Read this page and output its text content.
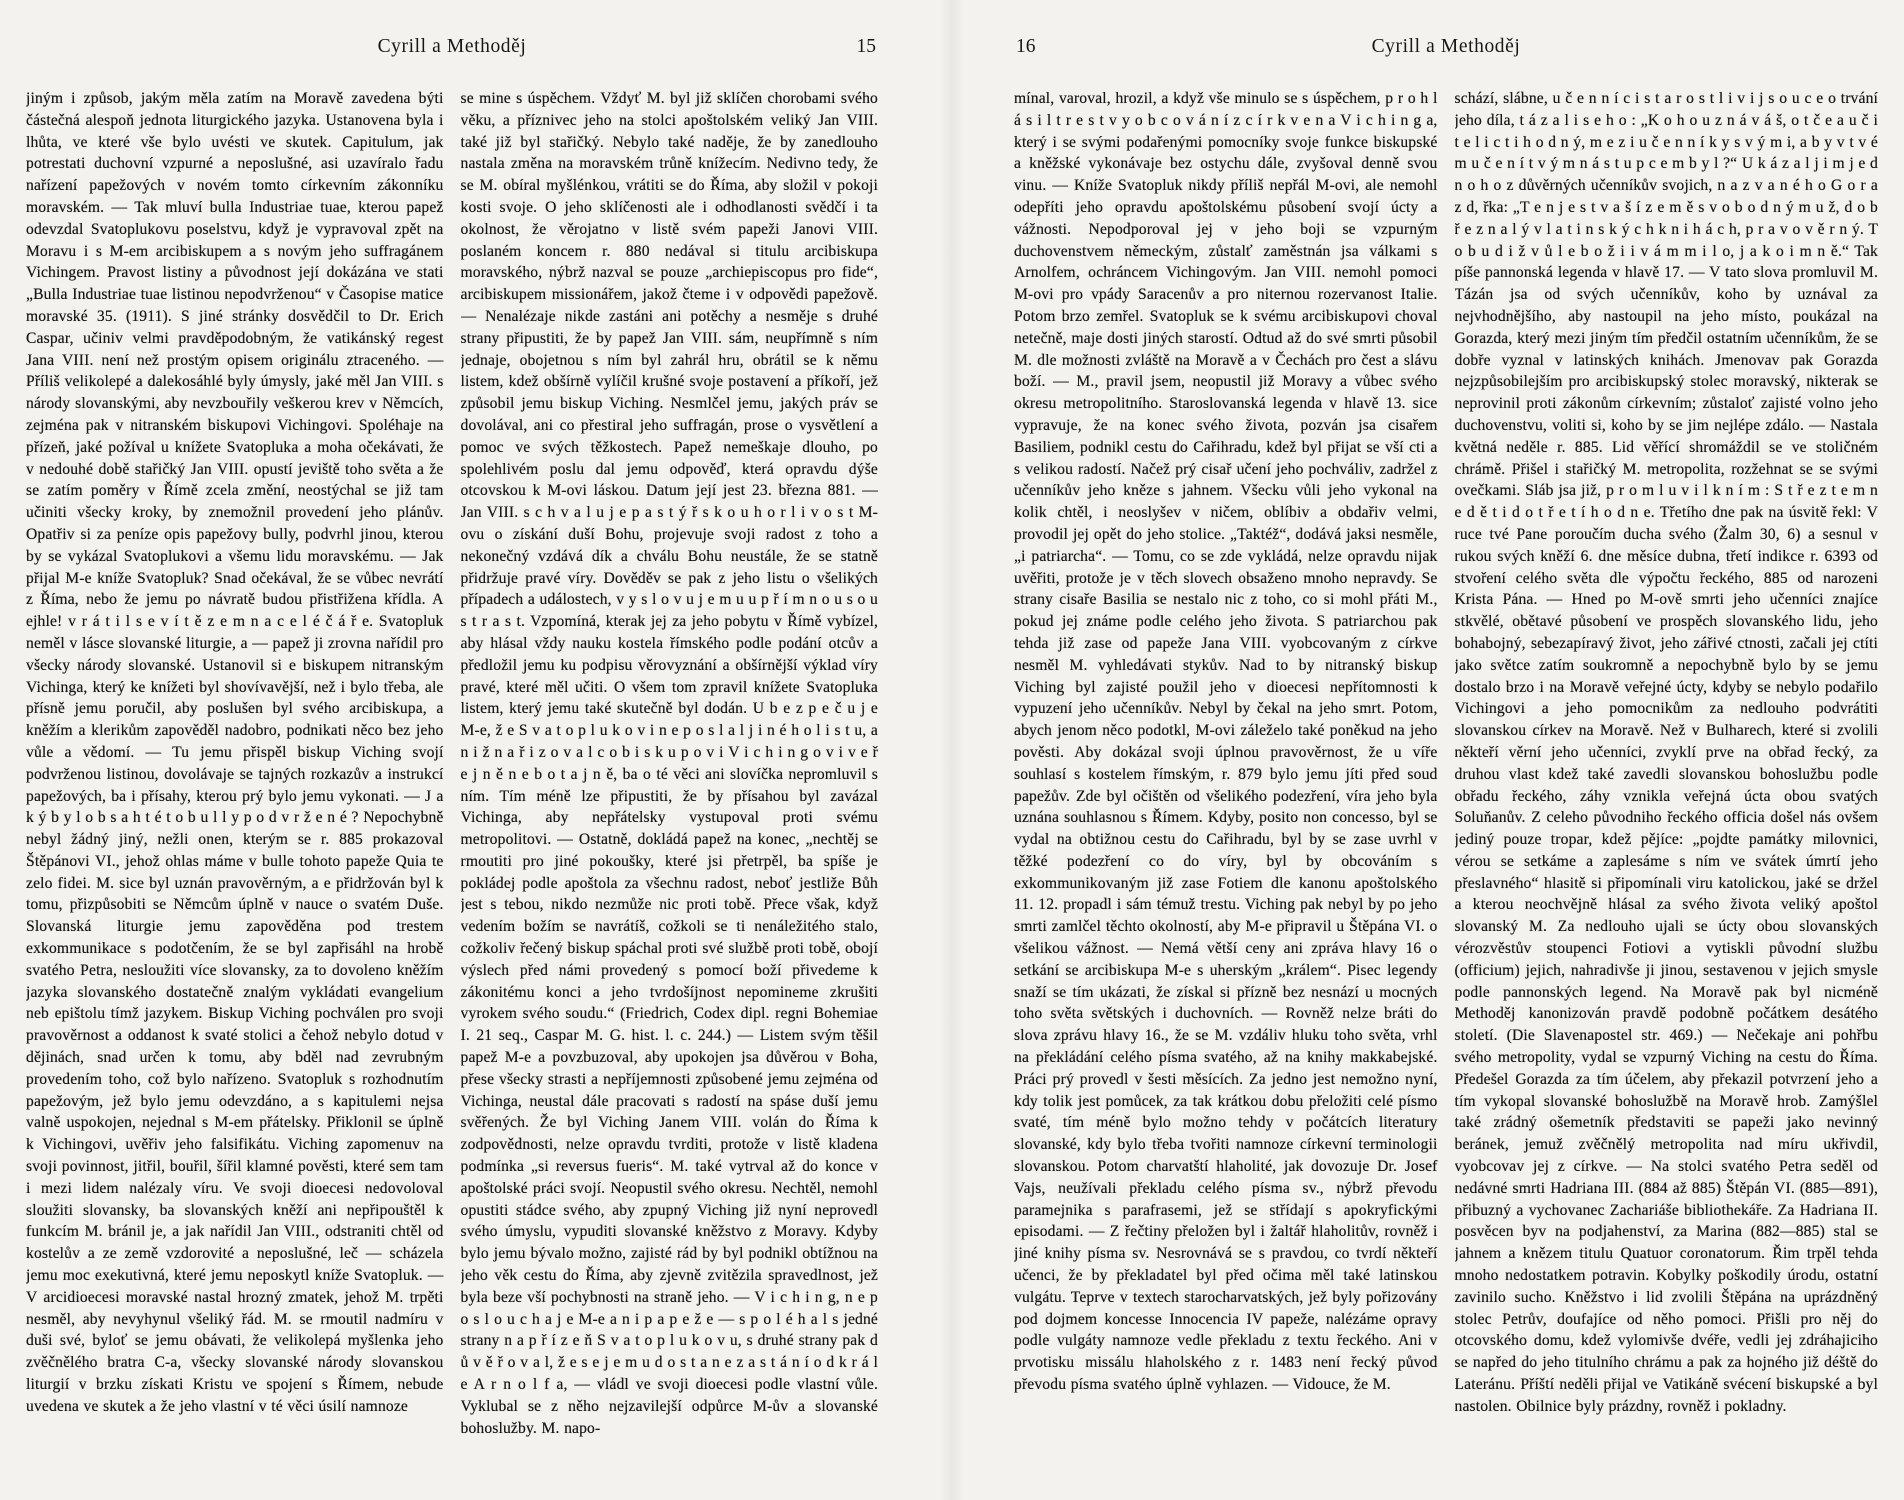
Cyrill a Methoděj	15
jiným i způsob, jakým měla zatím na Moravě zavedena býti částečná alespoň jednota liturgického jazyka. Ustanovena byla i lhůta, ve které vše bylo uvésti ve skutek. Capitulum, jak potrestati duchovní vzpurné a neposlušné, asi uzavíralo řadu nařízení papežových v novém tomto církevním zákonníku moravském. — Tak mluví bulla Industriae tuae, kterou papež odevzdal Svatoplukovu poselstvu, když je vypravoval zpět na Moravu i s M-em arcibiskupem a s novým jeho suffragánem Vichingem. Pravost listiny a původnost její dokázána ve stati „Bulla Industriae tuae listinou nepodvrženou“ v Časopise matice moravské 35. (1911). S jiné stránky dosvědčil to Dr. Erich Caspar, učiniv velmi pravděpodobným, že vatikánský regest Jana VIII. není než prostým opisem originálu ztraceného. — Příliš velikolepé a dalekosáhlé byly úmysly, jaké měl Jan VIII. s národy slovanskými, aby nevzbouřily veškerou krev v Němcích, zejména pak v nitranském biskupovi Vichingovi. Spoléhaje na přízeň, jaké požíval u knížete Svatopluka a moha očekávati, že v nedouhé době stařičký Jan VIII. opustí jeviště toho světa a že se zatím poměry v Římě zcela změní, neostýchal se již tam učiniti všecky kroky, by znemožnil provedení jeho plánův. Opatřiv si za peníze opis papežovy bully, podvrhl jinou, kterou by se vykázal Svatoplukovi a všemu lidu moravskému. — Jak přijal M-e kníže Svatopluk? Snad očekával, že se vůbec nevrátí z Říma, nebo že jemu po návratě budou přistřižena křídla. A ejhle! v r á t i l s e v í t ě z e m n a c e l é č á ř e. Svatopluk neměl v lásce slovanské liturgie, a — papež ji zrovna nařídil pro všecky národy slovanské. Ustanovil si e biskupem nitranským Vichinga, který ke knížeti byl shovívavější, než i bylo třeba, ale přísně jemu poručil, aby poslušen byl svého arcibiskupa, a kněžím a klerikům zapověděl nadobro, podnikati něco bez jeho vůle a vědomí. — Tu jemu přispěl biskup Viching svojí podvrženou listinou, dovolávaje se tajných rozkazův a instrukcí papežových, ba i přísahy, kterou prý bylo jemu vykonati. — J a k ý b y l o b s a h t é t o b u l l y p o d v r ž e n é ? Nepochybně nebyl žádný jiný, nežli onen, kterým se r. 885 prokazoval Štěpánovi VI., jehož ohlas máme v bulle tohoto papeže Quia te zelo fidei. M. sice byl uznán pravověrným, a e přidržován byl k tomu, přizpůsobiti se Němcům úplně v nauce o svatém Duše. Slovanská liturgie jemu zapověděna pod trestem exkommunikace s podotčením, že se byl zapřisáhl na hrobě svatého Petra, nesloužiti více slovansky, za to dovoleno kněžím jazyka slovanského dostatečně znalým vykládati evangelium neb epištolu tímž jazykem. Biskup Viching pochválen pro svoji pravověrnost a oddanost k svaté stolici a čehož nebylo dotud v dějinách, snad určen k tomu, aby bděl nad zevrubným provedením toho, což bylo nařízeno. Svatopluk s rozhodnutím papežovým, jež bylo jemu odevzdáno, a s kapitulemi nejsa valně uspokojen, nejednal s M-em přátelsky. Přiklonil se úplně k Vichingovi, uvěřiv jeho falsifikátu. Viching zapomenuv na svoji povinnost, jitřil, bouřil, šířil klamné pověsti, které sem tam i mezi lidem nalézaly víru. Ve svoji dioecesi nedovoloval sloužiti slovansky, ba slovanských kněží ani nepřipouštěl k funkcím M. bránil je, a jak nařídil Jan VIII., odstraniti chtěl od kostelův a ze země vzdorovité a neposlušné, leč — scházela jemu moc exekutivná, které jemu neposkytl kníže Svatopluk. — V arcidioecesi moravské nastal hrozný zmatek, jehož M. trpěti nesměl, aby nevyhynul všeliký řád. M. se rmoutil nadmíru v duši své, byloť se jemu obávati, že velikolepá myšlenka jeho zvěčnělého bratra C-a, všecky slovanské národy slovanskou liturgií v brzku získati Kristu ve spojení s Římem, nebude uvedena ve skutek a že jeho vlastní v té věci úsilí namnoze
se mine s úspěchem. Vždyť M. byl již sklíčen chorobami svého věku, a příznivec jeho na stolci apoštolském veliký Jan VIII. také již byl stařičký. Nebylo také naděje, že by zanedlouho nastala změna na moravském trůně knížecím. Nedivno tedy, že se M. obíral myšlénkou, vrátiti se do Říma, aby složil v pokoji kosti svoje. O jeho sklíčenosti ale i odhodlanosti svědčí i ta okolnost, že věrojatno v listě svém papeži Janovi VIII. poslaném koncem r. 880 nedával si titulu arcibiskupa moravského, nýbrž nazval se pouze „archiepiscopus pro fide“, arcibiskupem missionářem, jakož čteme i v odpovědi papežově. — Nenalézaje nikde zastáni ani potěchy a nesměje s druhé strany připustiti, že by papež Jan VIII. sám, neupřímně s ním jednaje, obojetnou s ním byl zahrál hru, obrátil se k němu listem, kdež obšírně vylíčil krušné svoje postavení a příkoří, jež způsobil jemu biskup Viching. Nesmlčel jemu, jakých práv se dovolával, ani co přestiral jeho suffragán, prose o vysvětlení a pomoc ve svých těžkostech. Papež nemeškaje dlouho, po spolehlivém poslu dal jemu odpověď, která opravdu dýše otcovskou k M-ovi láskou. Datum její jest 23. března 881. — Jan VIII. s c h v a l u j e p a s t ý ř s k o u h o r l i v o s t M-ovu o získání duší Bohu, projevuje svoji radost z toho a nekonečný vzdává dík a chválu Bohu neustále, že se statně přidržuje pravé víry. Dověděv se pak z jeho listu o všelikých případech a událostech, v y s l o v u j e m u u p ř í m n o u s o u s t r a s t. Vzpomíná, kterak jej za jeho pobytu v Římě vybízel, aby hlásal vždy nauku kostela římského podle podání otcův a předložil jemu ku podpisu věrovyznání a obšírnější výklad víry pravé, které měl učiti. O všem tom zpravil knížete Svatopluka listem, který jemu také skutečně byl dodán. U b e z p e č u j e M-e, ž e S v a t o p l u k o v i n e p o s l a l j i n é h o l i s t u, a n i ž n a ř i z o v a l c o b i s k u p o v i V i c h i n g o v i v e ř e j n ě n e b o t a j n ě, ba o té věci ani slovíčka nepromluvil s ním. Tím méně lze připustiti, že by přísahou byl zavázal Vichinga, aby nepřátelsky vystupoval proti svému metropolitovi. — Ostatně, dokládá papež na konec, „nechtěj se rmoutiti pro jiné pokoušky, které jsi přetrpěl, ba spíše je pokládej podle apoštola za všechnu radost, neboť jestliže Bůh jest s tebou, nikdo nezmůže nic proti tobě. Přece však, když vedením božím se navrátíš, cožkoli se ti nenáležitého stalo, cožkoliv řečený biskup spáchal proti své službě proti tobě, obojí výslech před námi provedený s pomocí boží přivedeme k zákonitému konci a jeho tvrdošíjnost nepomineme zkrušiti vyrokem svého soudu.“ (Friedrich, Codex dipl. regni Bohemiae I. 21 seq., Caspar M. G. hist. l. c. 244.) — Listem svým těšil papež M-e a povzbuzoval, aby upokojen jsa důvěrou v Boha, přese všecky strasti a nepříjemnosti způsobené jemu zejména od Vichinga, neustal dále pracovati s radostí na spáse duší jemu svěřených. Že byl Viching Janem VIII. volán do Říma k zodpovědnosti, nelze opravdu tvrditi, protože v listě kladena podmínka „si reversus fueris“. M. také vytrval až do konce v apoštolské práci svojí. Neopustil svého okresu. Nechtěl, nemohl opustiti stádce svého, aby zpupný Viching již nyní neprovedl svého úmyslu, vypuditi slovanské kněžstvo z Moravy. Kdyby bylo jemu bývalo možno, zajisté rád by byl podnikl obtížnou na jeho věk cestu do Říma, aby zjevně zvitězila spravedlnost, jež byla beze vší pochybnosti na straně jeho. — V i c h i n g, n e p o s l o u c h a j e M-e a n i p a p e ž e — s p o l é h a l s jedné strany n a p ř í z e ň S v a t o p l u k o v u, s druhé strany pak d ů v ě ř o v a l, ž e s e j e m u d o s t a n e z a s t á n í o d k r á l e A r n o l f a, — vládl ve svoji dioecesi podle vlastní vůle. Vyklubal se z něho nejzavilejší odpůrce M-ův a slovanské bohoslužby. M. napo-
16	Cyrill a Methoděj
mínal, varoval, hrozil, a když vše minulo se s úspěchem, p r o h l á s i l t r e s t v y o b c o v á n í z c í r k v e n a V i c h i n g a, který i se svými podařenými pomocníky svoje funkce biskupské a kněžské vykonávaje bez ostychu dále, zvyšoval denně svou vinu. — Kníže Svatopluk nikdy příliš nepřál M-ovi, ale nemohl odepříti jeho opravdu apoštolskému působení svojí úcty a vážnosti. Nepodporoval jej v jeho boji se vzpurným duchovenstvem německým, zůstalť zaměstnán jsa válkami s Arnolfem, ochráncem Vichingovým. Jan VIII. nemohl pomoci M-ovi pro vpády Saracenův a pro niternou rozervanost Italie. Potom brzo zemřel. Svatopluk se k svému arcibiskupovi choval netečně, maje dosti jiných starostí. Odtud až do své smrti působil M. dle možnosti zvláště na Moravě a v Čechách pro čest a slávu boží. — M., pravil jsem, neopustil již Moravy a vůbec svého okresu metropolitního. Staroslovanská legenda v hlavě 13. sice vypravuje, že na konec svého života, pozván jsa cisařem Basiliem, podnikl cestu do Cařihradu, kdež byl přijat se vší cti a s velikou radostí. Načež prý cisař učení jeho pochváliv, zadržel z učenníkův jeho kněze s jahnem. Všecku vůli jeho vykonal na kolik chtěl, i neoslyšev v ničem, oblíbiv a obdařiv velmi, provodil jej opět do jeho stolice. „Taktéž“, dodává jaksi nesměle, „i patriarcha“. — Tomu, co se zde vykládá, nelze opravdu nijak uvěřiti, protože je v těch slovech obsaženo mnoho nepravdy. Se strany cisaře Basilia se nestalo nic z toho, co si mohl přáti M., pokud jej známe podle celého jeho života. S patriarchou pak tehda již zase od papeže Jana VIII. vyobcovaným z církve nesměl M. vyhledávati stykův. Nad to by nitranský biskup Viching byl zajisté použil jeho v dioecesi nepřítomnosti k vypuzení jeho učenníkův. Nebyl by čekal na jeho smrt. Potom, abych jenom něco podotkl, M-ovi záleželo také poněkud na jeho pověsti. Aby dokázal svoji úplnou pravověrnost, že u víře souhlasí s kostelem římským, r. 879 bylo jemu jíti před soud papežův. Zde byl očištěn od všelikého podezření, víra jeho byla uznána souhlasnou s Římem. Kdyby, posito non concesso, byl se vydal na obtižnou cestu do Cařihradu, byl by se zase uvrhl v těžké podezření co do víry, byl by obcováním s exkommunikovaným již zase Fotiem dle kanonu apoštolského 11. 12. propadl i sám témuž trestu. Viching pak nebyl by po jeho smrti zamlčel těchto okolností, aby M-e připravil u Štěpána VI. o všelikou vážnost. — Nemá větší ceny ani zpráva hlavy 16 o setkání se arcibiskupa M-e s uherským „králem“. Pisec legendy snaží se tím ukázati, že získal si přízně bez nesnází u mocných toho světa světských i duchovních. — Rovněž nelze bráti do slova zprávu hlavy 16., že se M. vzdáliv hluku toho světa, vrhl na překládání celého písma svatého, až na knihy makkabejské. Práci prý provedl v šesti měsících. Za jedno jest nemožno nyní, kdy tolik jest pomůcek, za tak krátkou dobu přeložiti celé písmo svaté, tím méně bylo možno tehdy v počátcích literatury slovanské, kdy bylo třeba tvořiti namnoze církevní terminologii slovanskou. Potom charvatští hlaholité, jak dovozuje Dr. Josef Vajs, neužívali překladu celého písma sv., nýbrž převodu paramejnika s parafrasemi, jež se střídají s apokryfickými episodami. — Z řečtiny přeložen byl i žaltář hlaholitův, rovněž i jiné knihy písma sv. Nesrovnává se s pravdou, co tvrdí někteří učenci, že by překladatel byl před očima měl také latinskou vulgátu. Teprve v textech starocharvatských, jež byly pořizovány pod dojmem koncesse Innocencia IV papeže, nalézáme opravy podle vulgáty namnoze vedle překladu z textu řeckého. Ani v prvotisku missálu hlaholského z r. 1483 není řecký původ převodu písma svatého úplně vyhlazen. — Vidouce, že M.
schází, slábne, u č e n n í c i s t a r o s t l i v i j s o u c e o trvání jeho díla, t á z a l i s e h o : „K o h o u z n á v á š, o t č e a u č i t e l i c t i h o d n ý, m e z i u č e n n í k y s v ý m i, a b y v t v é m u č e n í t v ý m n á s t u p c e m b y l ?“ U k á z a l j i m j e d n o h o z důvěrných učenníkův svojich, n a z v a n é h o G o r a z d, řka: „T e n j e s t v a š í z e m ě s v o b o d n ý m u ž, d o b ř e z n a l ý v l a t i n s k ý c h k n i h á c h, p r a v o v ě r n ý. T o b u d i ž v ů l e b o ž i i v á m m i l o, j a k o i m n ě.“ Tak píše pannonská legenda v hlavě 17. — V tato slova promluvil M. Tázán jsa od svých učenníkův, koho by uznával za nejvhodnějšího, aby nastoupil na jeho místo, poukázal na Gorazda, který mezi jiným tím předčil ostatním učenníkům, že se dobře vyznal v latinských knihách. Jmenovav pak Gorazda nejzpůsobilejším pro arcibiskupský stolec moravský, nikterak se neprovinil proti zákonům církevním; zůstaloť zajisté volno jeho duchovenstvu, voliti si, koho by se jim nejlépe zdálo. — Nastala květná neděle r. 885. Lid věřící shromáždil se ve stoličném chrámě. Přišel i stařičký M. metropolita, rozžehnat se se svými ovečkami. Sláb jsa již, p r o m l u v i l k n í m : S t ř e z t e m n e d ě t i d o t ř e t í h o d n e. Třetího dne pak na úsvitě řekl: V ruce tvé Pane poroučím ducha svého (Žalm 30, 6) a sesnul v rukou svých kněží 6. dne měsíce dubna, třetí indikce r. 6393 od stvoření celého světa dle výpočtu řeckého, 885 od narozeni Krista Pána. — Hned po M-ově smrti jeho učenníci znajíce stkvělé, obětavé působení ve prospěch slovanského lidu, jeho bohabojný, sebezapíravý život, jeho zářivé ctnosti, začali jej ctíti jako světce zatím soukromně a nepochybně bylo by se jemu dostalo brzo i na Moravě veřejné úcty, kdyby se nebylo podařilo Vichingovi a jeho pomocnikům za nedlouho podvrátiti slovanskou církev na Moravě. Než v Bulharech, které si zvolili někteří věrní jeho učenníci, zvyklí prve na obřad řecký, za druhou vlast kdež také zavedli slovanskou bohoslužbu podle obřadu řeckého, záhy vznikla veřejná úcta obou svatých Soluňanův. Z celeho původniho řeckého officia došel nás ovšem jediný pouze tropar, kdež pějíce: „pojdte památky milovnici, vérou se setkáme a zaplesáme s ním ve svátek úmrtí jeho přeslavného“ hlasitě si připomínali viru katolickou, jaké se držel a kterou neochvějně hlásal za svého života veliký apoštol slovanský M. Za nedlouho ujali se úcty obou slovanských vérozvěstův stoupenci Fotiovi a vytiskli původní službu (officium) jejich, nahradivše ji jinou, sestavenou v jejich smysle podle pannonských legend. Na Moravě pak byl nicméně Methoděj kanonizován pravdě podobně počátkem desátého století. (Die Slavenapostel str. 469.) — Nečekaje ani pohřbu svého metropolity, vydal se vzpurný Viching na cestu do Říma. Předešel Gorazda za tím účelem, aby překazil potvrzení jeho a tím vykopal slovanské bohoslužbě na Moravě hrob. Zamýšlel také zrádný ošemetník představiti se papeži jako nevinný beránek, jemuž zvěčnělý metropolita nad míru ukřivdil, vyobcovav jej z církve. — Na stolci svatého Petra seděl od nedávné smrti Hadriana III. (884 až 885) Štěpán VI. (885—891), přibuzný a vychovanec Zachariáše bibliothekáře. Za Hadriana II. posvěcen byv na podjahenství, za Marina (882—885) stal se jahnem a knězem titulu Quatuor coronatorum. Řim trpěl tehda mnoho nedostatkem potravin. Kobylky poškodily úrodu, ostatní zavinilo sucho. Kněžstvo i lid zvolili Štěpána na uprázdněný stolec Petrův, doufajíce od něho pomoci. Přišli pro něj do otcovského domu, kdež vylomivše dvéře, vedli jej zdráhajiciho se napřed do jeho titulního chrámu a pak za hojného již déště do Lateránu. Příští neděli přijal ve Vatikáně svécení biskupské a byl nastolen. Obilnice byly prázdny, rovněž i pokladny.
